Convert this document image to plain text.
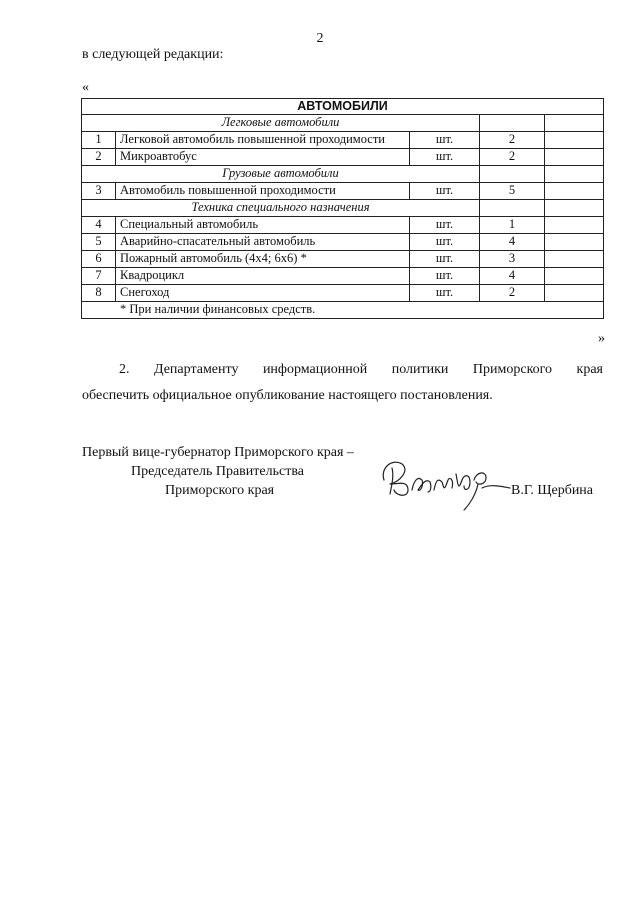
2
в следующей редакции:
«
АВТОМОБИЛИ				
Легковые автомобили				
1	Легковой автомобиль повышенной проходимости	шт.	2	
2	Микроавтобус	шт.	2	
Грузовые автомобили				
3	Автомобиль повышенной проходимости	шт.	5	
Техника специального назначения				
4	Специальный автомобиль	шт.	1	
5	Аварийно-спасательный автомобиль	шт.	4	
6	Пожарный автомобиль (4х4; 6х6) *	шт.	3	
7	Квадроцикл	шт.	4	
8	Снегоход	шт.	2	
* При наличии финансовых средств.				
»
2. Департаменту информационной политики Приморского края
обеспечить официальное опубликование настоящего постановления.
Первый вице-губернатор Приморского края –
Председатель Правительства
Приморского края	В.Г. Щербина
